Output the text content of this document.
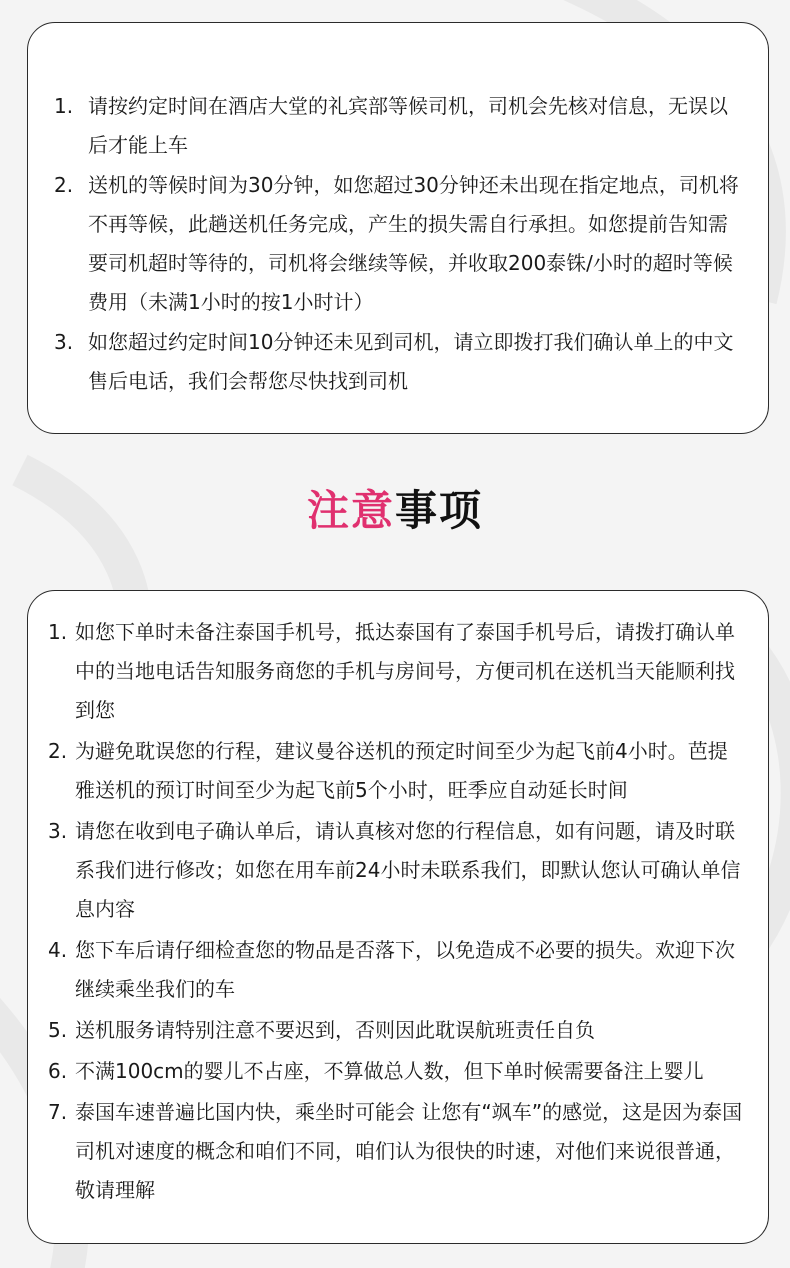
1. 请按约定时间在酒店大堂的礼宾部等候司机，司机会先核对信息，无误以后才能上车
2. 送机的等候时间为30分钟，如您超过30分钟还未出现在指定地点，司机将不再等候，此趟送机任务完成，产生的损失需自行承担。如您提前告知需要司机超时等待的，司机将会继续等候，并收取200泰铢/小时的超时等候费用（未满1小时的按1小时计）
3. 如您超过约定时间10分钟还未见到司机，请立即拨打我们确认单上的中文售后电话，我们会帮您尽快找到司机
注意事项
1. 如您下单时未备注泰国手机号，抵达泰国有了泰国手机号后，请拨打确认单中的当地电话告知服务商您的手机与房间号，方便司机在送机当天能顺利找到您
2. 为避免耽误您的行程，建议曼谷送机的预定时间至少为起飞前4小时。芭提雅送机的预订时间至少为起飞前5个小时，旺季应自动延长时间
3. 请您在收到电子确认单后，请认真核对您的行程信息，如有问题，请及时联系我们进行修改；如您在用车前24小时未联系我们，即默认您认可确认单信息内容
4. 您下车后请仔细检查您的物品是否落下，以免造成不必要的损失。欢迎下次继续乘坐我们的车
5. 送机服务请特别注意不要迟到，否则因此耽误航班责任自负
6. 不满100cm的婴儿不占座，不算做总人数，但下单时候需要备注上婴儿
7. 泰国车速普遍比国内快，乘坐时可能会 让您有“飒车”的感觉，这是因为泰国司机对速度的概念和咱们不同，咱们认为很快的时速，对他们来说很普通，敬请理解
